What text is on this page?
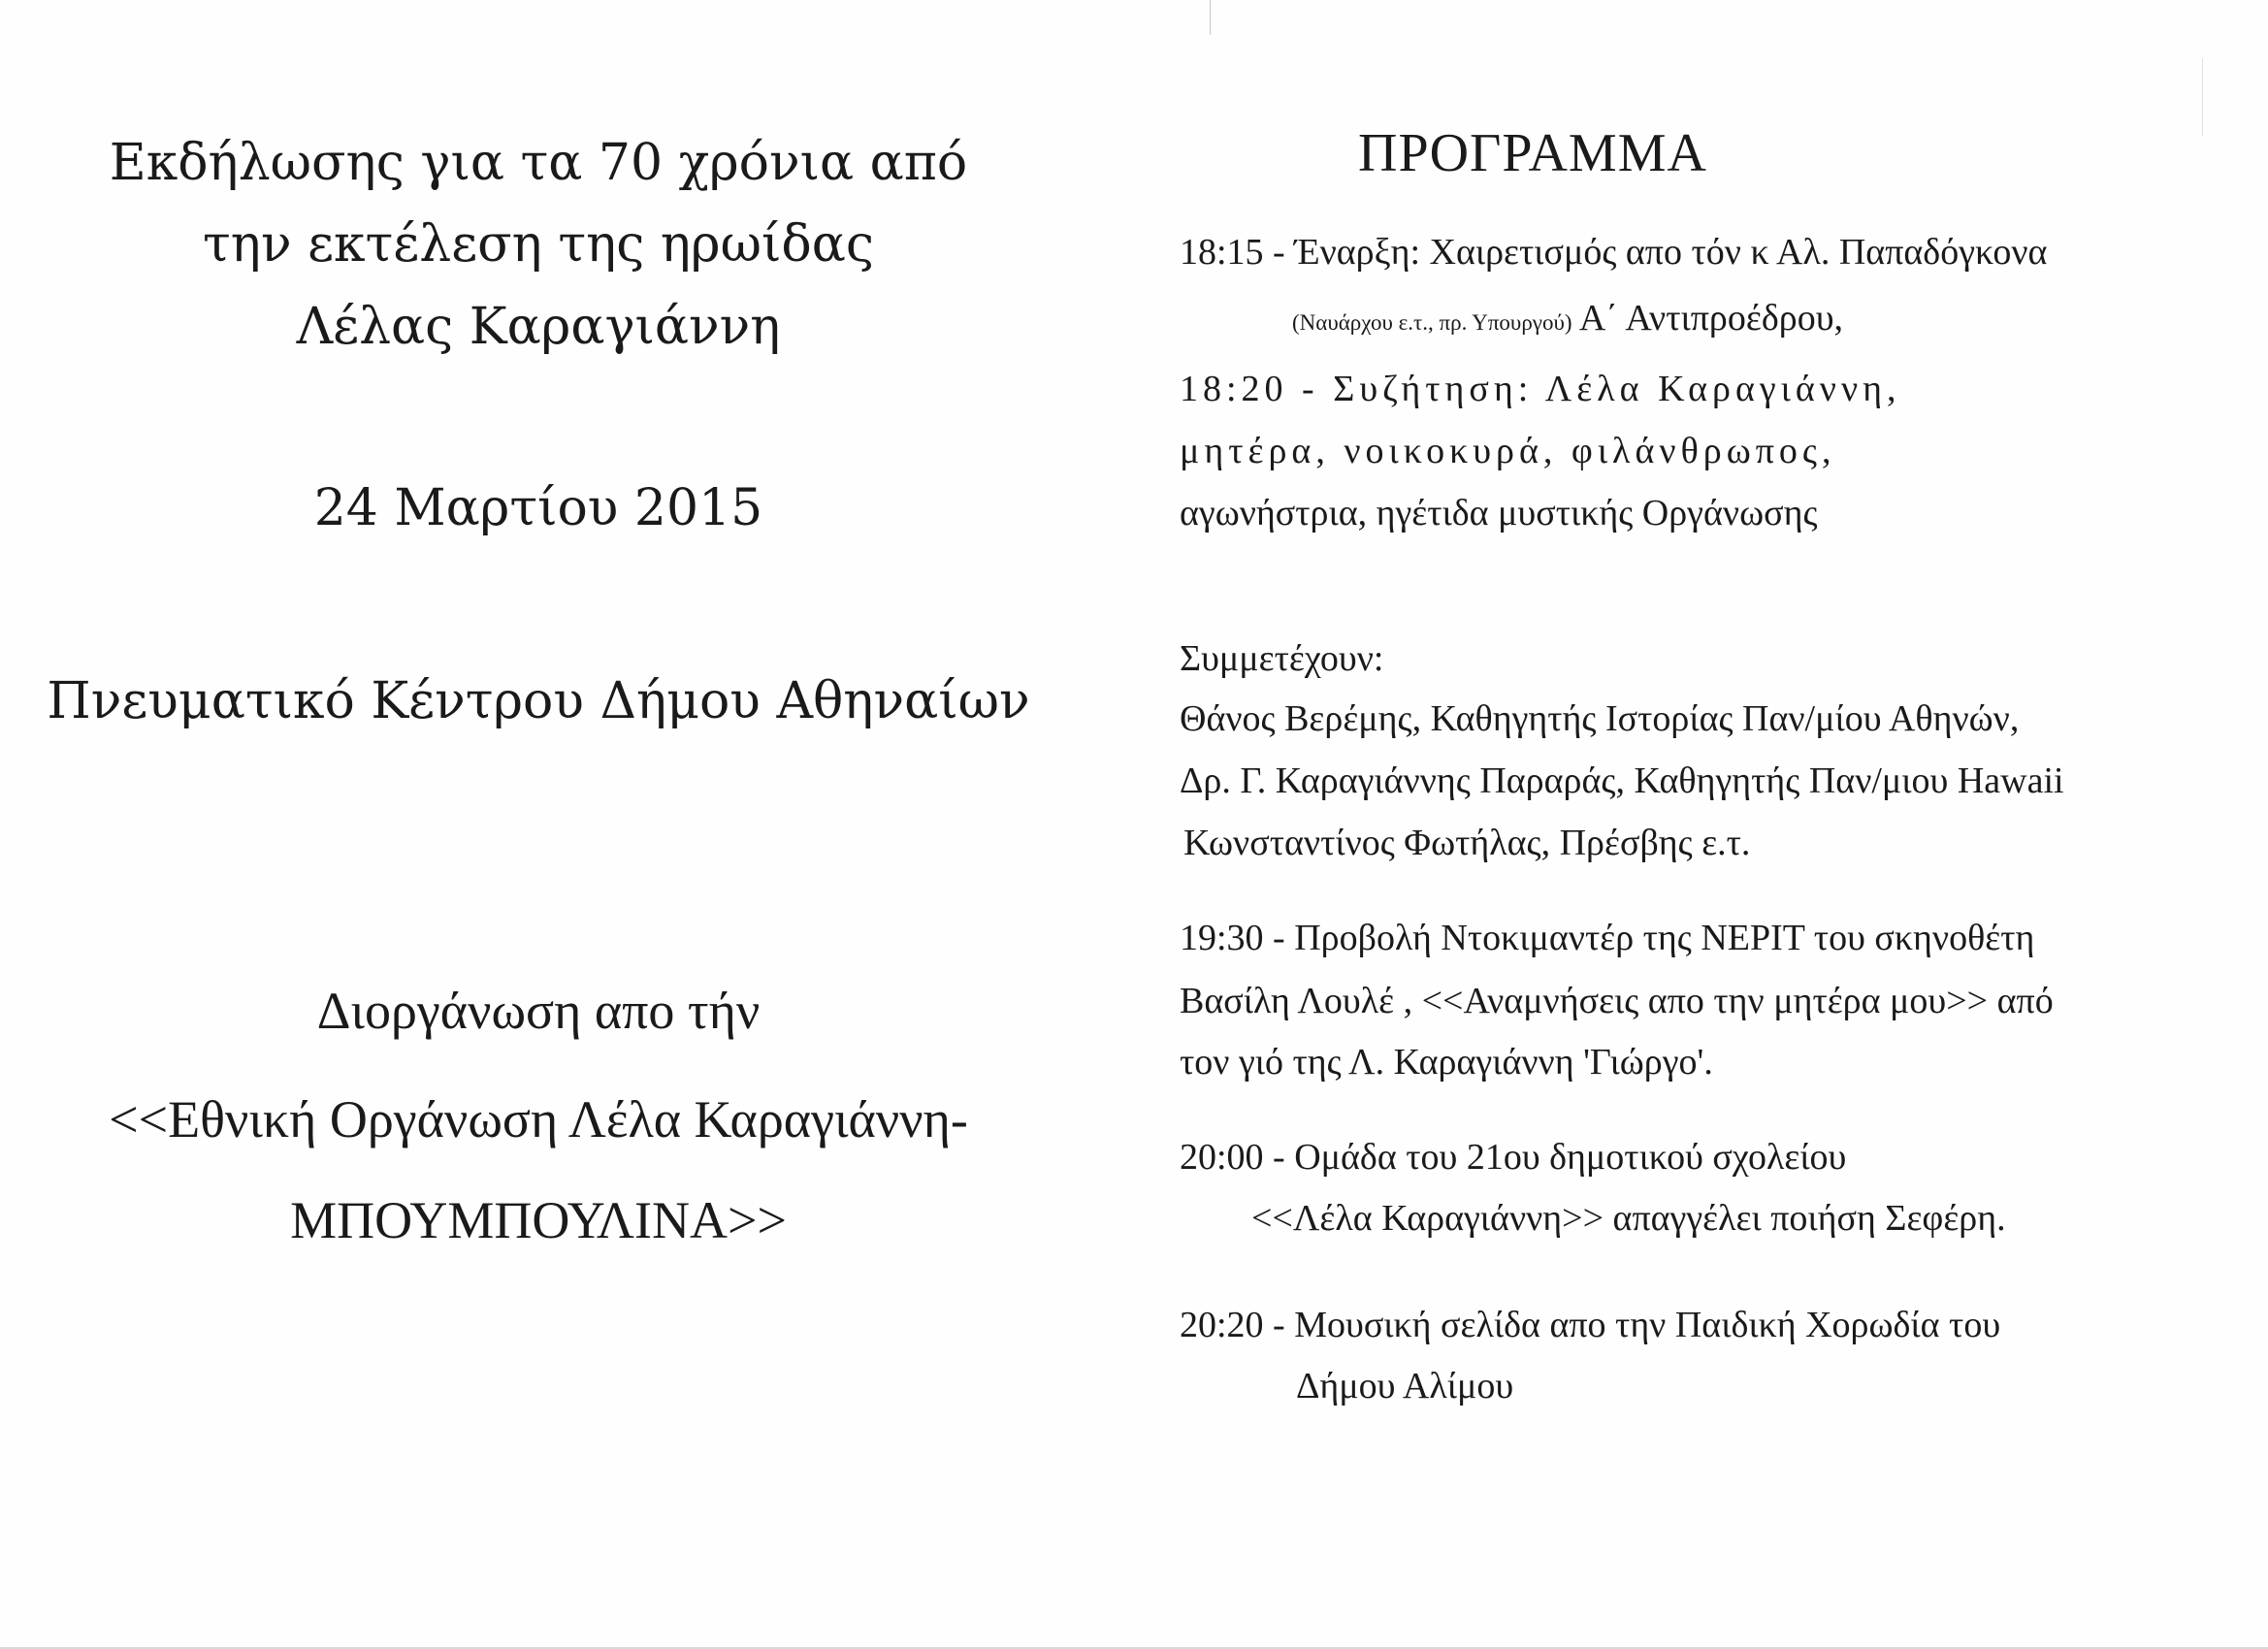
Εκδήλωσης για τα 70 χρόνια από
την εκτέλεση της ηρωίδας
Λέλας Καραγιάννη
24 Μαρτίου 2015
Πνευματικό Κέντρου Δήμου Αθηναίων
Διοργάνωση απο τήν
<<Εθνική Οργάνωση Λέλα Καραγιάννη-
ΜΠΟΥΜΠΟΥΛΙΝΑ>>
ΠΡΟΓΡΑΜΜΑ
18:15 - Έναρξη: Χαιρετισμός απο τόν κ Αλ. Παπαδόγκονα
(Ναυάρχου ε.τ., πρ. Υπουργού) Α΄ Αντιπροέδρου,
18:20 - Συζήτηση: Λέλα Καραγιάννη,
μητέρα, νοικοκυρά, φιλάνθρωπος,
αγωνήστρια, ηγέτιδα μυστικής Οργάνωσης
Συμμετέχουν:
Θάνος Βερέμης, Καθηγητής Ιστορίας Παν/μίου Αθηνών,
Δρ. Γ. Καραγιάννης Παραράς, Καθηγητής Παν/μιου Hawaii
Κωνσταντίνος Φωτήλας, Πρέσβης ε.τ.
19:30 - Προβολή Ντοκιμαντέρ της ΝΕΡΙΤ του σκηνοθέτη
Βασίλη Λουλέ , <<Αναμνήσεις απο την μητέρα μου>> από
τον γιό της Λ. Καραγιάννη 'Γιώργο'.
20:00 - Ομάδα του 21ου δημοτικού σχολείου
<<Λέλα Καραγιάννη>> απαγγέλει ποιήση Σεφέρη.
20:20 - Μουσική σελίδα απο την Παιδική Χορωδία του
Δήμου Αλίμου
